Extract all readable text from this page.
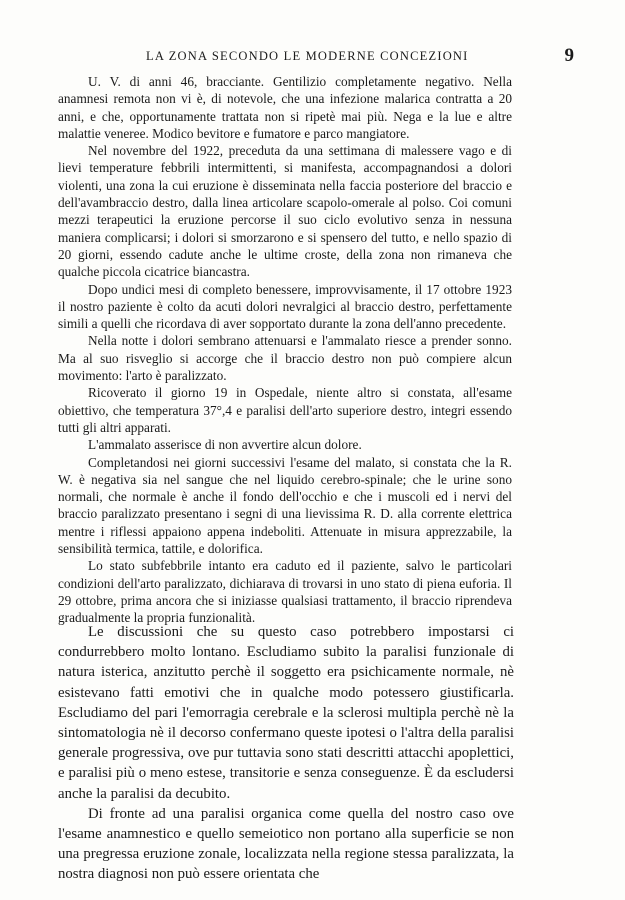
LA ZONA SECONDO LE MODERNE CONCEZIONI	9

U. V. di anni 46, bracciante. Gentilizio completamente negativo. Nella anamnesi remota non vi è, di notevole, che una infezione malarica contratta a 20 anni, e che, opportunamente trattata non si ripetè mai più. Nega e la lue e altre malattie veneree. Modico bevitore e fumatore e parco mangiatore.

Nel novembre del 1922, preceduta da una settimana di malessere vago e di lievi temperature febbrili intermittenti, si manifesta, accompagnandosi a dolori violenti, una zona la cui eruzione è disseminata nella faccia posteriore del braccio e dell'avambraccio destro, dalla linea articolare scapolo-omerale al polso. Coi comuni mezzi terapeutici la eruzione percorse il suo ciclo evolutivo senza in nessuna maniera complicarsi; i dolori si smorzarono e si spensero del tutto, e nello spazio di 20 giorni, essendo cadute anche le ultime croste, della zona non rimaneva che qualche piccola cicatrice biancastra.

Dopo undici mesi di completo benessere, improvvisamente, il 17 ottobre 1923 il nostro paziente è colto da acuti dolori nevralgici al braccio destro, perfettamente simili a quelli che ricordava di aver sopportato durante la zona dell'anno precedente.

Nella notte i dolori sembrano attenuarsi e l'ammalato riesce a prender sonno. Ma al suo risveglio si accorge che il braccio destro non può compiere alcun movimento: l'arto è paralizzato.

Ricoverato il giorno 19 in Ospedale, niente altro si constata, all'esame obiettivo, che temperatura 37°,4 e paralisi dell'arto superiore destro, integri essendo tutti gli altri apparati.

L'ammalato asserisce di non avvertire alcun dolore.

Completandosi nei giorni successivi l'esame del malato, si constata che la R. W. è negativa sia nel sangue che nel liquido cerebro-spinale; che le urine sono normali, che normale è anche il fondo dell'occhio e che i muscoli ed i nervi del braccio paralizzato presentano i segni di una lievissima R. D. alla corrente elettrica mentre i riflessi appaiono appena indeboliti. Attenuate in misura apprezzabile, la sensibilità termica, tattile, e dolorifica.

Lo stato subfebbrile intanto era caduto ed il paziente, salvo le particolari condizioni dell'arto paralizzato, dichiarava di trovarsi in uno stato di piena euforia. Il 29 ottobre, prima ancora che si iniziasse qualsiasi trattamento, il braccio riprendeva gradualmente la propria funzionalità.

Le discussioni che su questo caso potrebbero impostarsi ci condurrebbero molto lontano. Escludiamo subito la paralisi funzionale di natura isterica, anzitutto perchè il soggetto era psichicamente normale, nè esistevano fatti emotivi che in qualche modo potessero giustificarla. Escludiamo del pari l'emorragia cerebrale e la sclerosi multipla perchè nè la sintomatologia nè il decorso confermano queste ipotesi o l'altra della paralisi generale progressiva, ove pur tuttavia sono stati descritti attacchi apoplettici, e paralisi più o meno estese, transitorie e senza conseguenze. È da escludersi anche la paralisi da decubito.

Di fronte ad una paralisi organica come quella del nostro caso ove l'esame anamnestico e quello semeiotico non portano alla superficie se non una pregressa eruzione zonale, localizzata nella regione stessa paralizzata, la nostra diagnosi non può essere orientata che
